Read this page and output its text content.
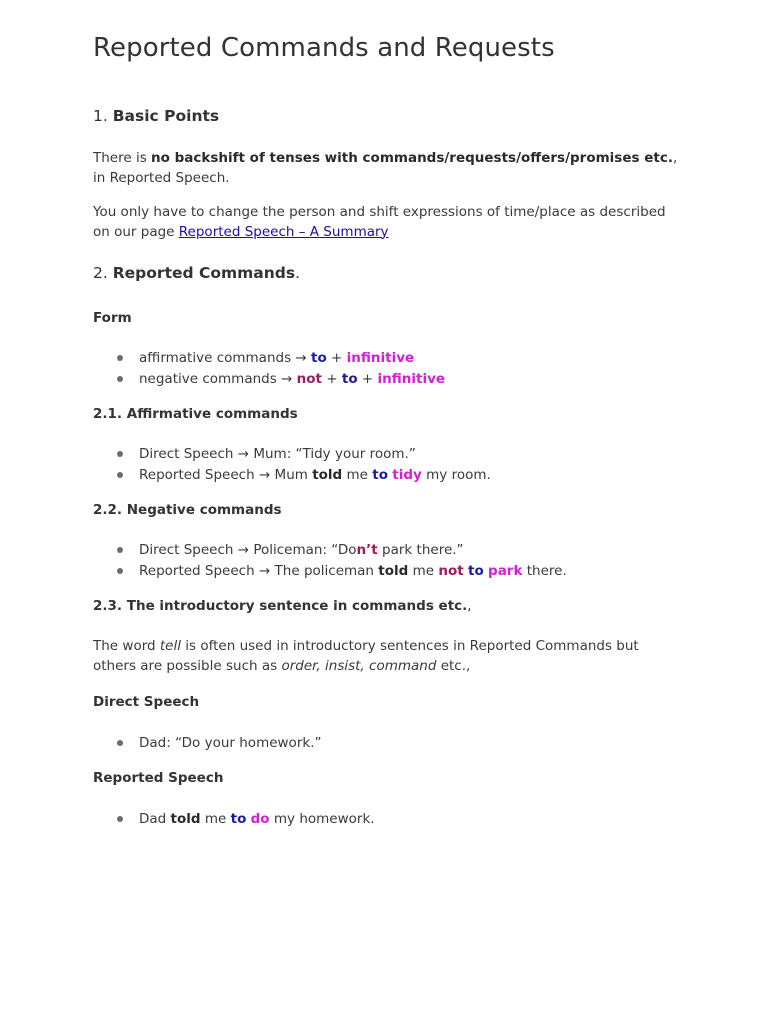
Reported Commands and Requests
1. Basic Points

There is no backshift of tenses with commands/requests/offers/promises etc., in Reported Speech.

You only have to change the person and shift expressions of time/place as described on our page Reported Speech – A Summary

2. Reported Commands.
Form
affirmative commands → to + infinitive
negative commands → not + to + infinitive
2.1. Affirmative commands
Direct Speech → Mum: “Tidy your room.”
Reported Speech → Mum told me to tidy my room.
2.2. Negative commands
Direct Speech → Policeman: “Don’t park there.”
Reported Speech → The policeman told me not to park there.
2.3. The introductory sentence in commands etc.,

The word tell is often used in introductory sentences in Reported Commands but others are possible such as order, insist, command etc.,

Direct Speech
Dad: “Do your homework.”
Reported Speech
Dad told me to do my homework.
